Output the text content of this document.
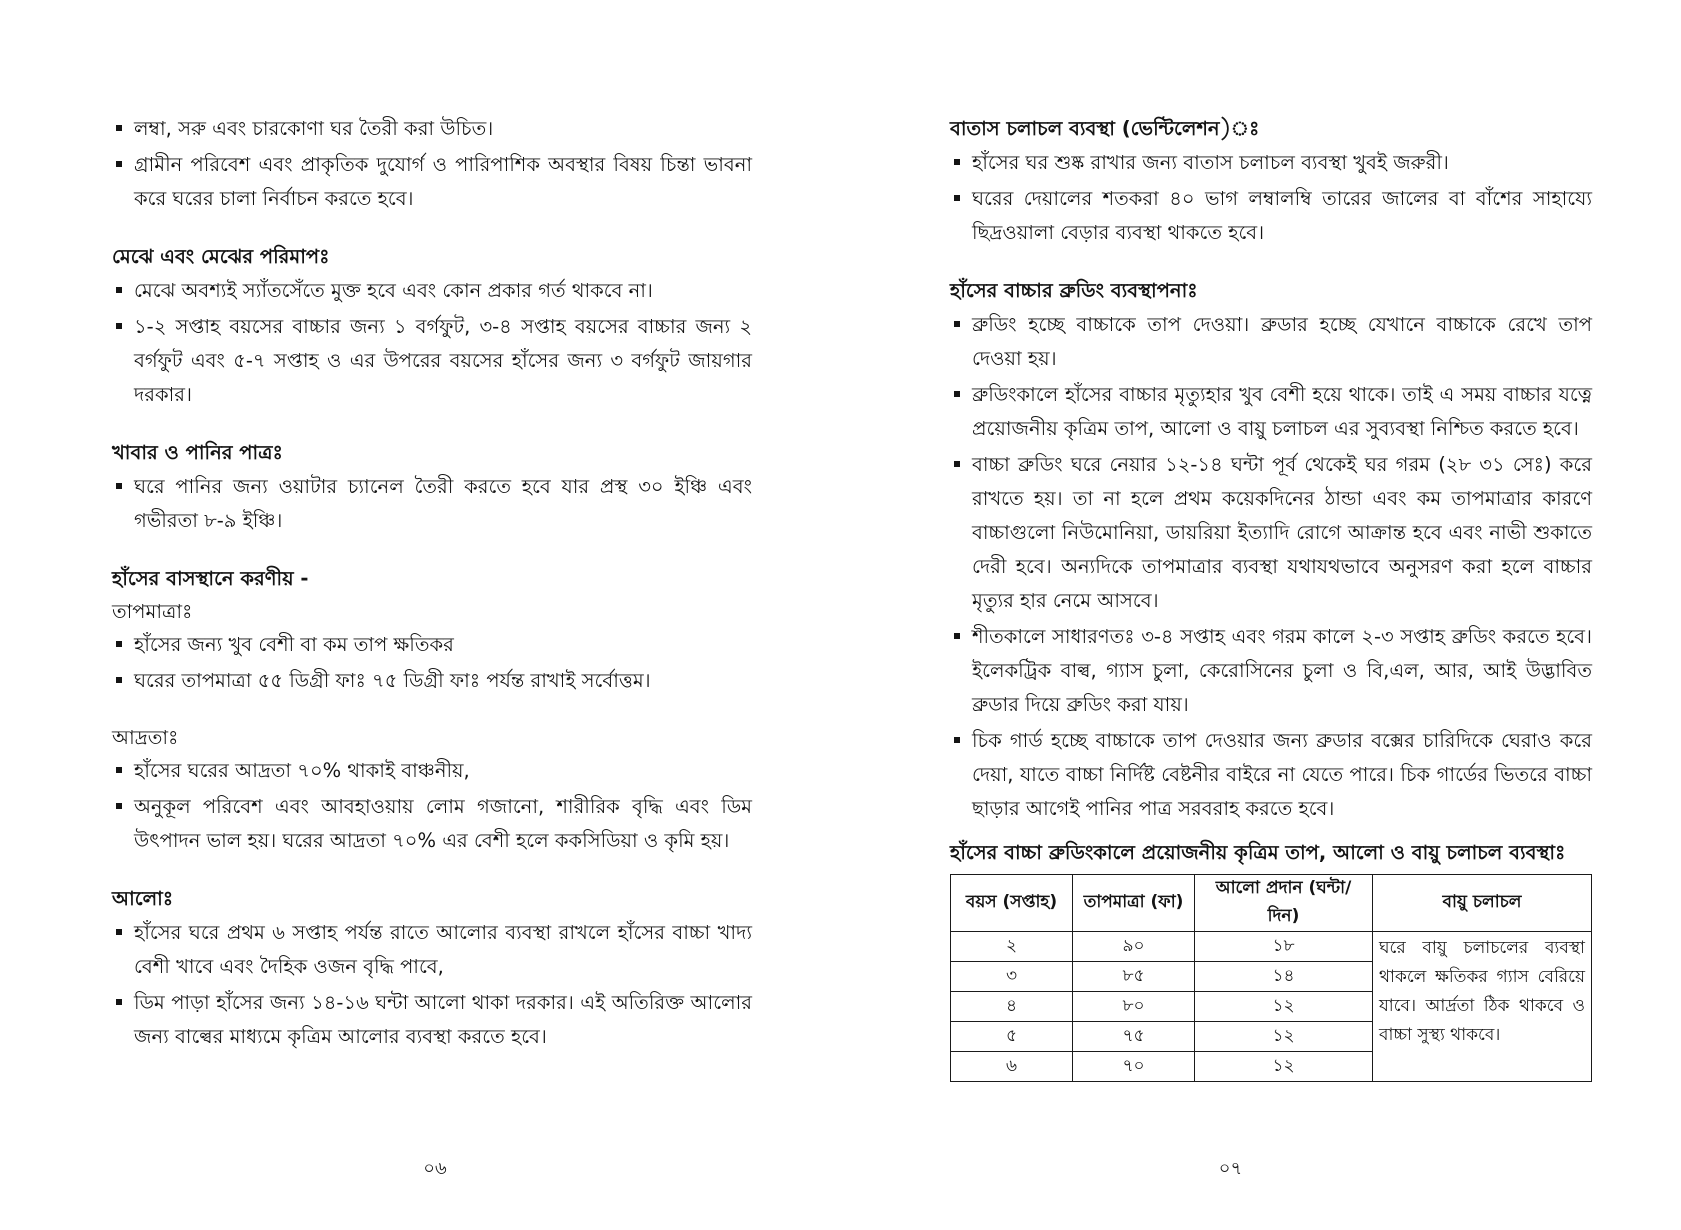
লম্বা, সরু এবং চারকোণা ঘর তৈরী করা উচিত।
গ্রামীন পরিবেশ এবং প্রাকৃতিক দুযোর্গ ও পারিপাশিক অবস্থার বিষয় চিন্তা ভাবনা করে ঘরের চালা নির্বাচন করতে হবে।
মেঝে এবং মেঝের পরিমাপঃ
মেঝে অবশ্যই স্যাঁতসেঁতে মুক্ত হবে এবং কোন প্রকার গর্ত থাকবে না।
১-২ সপ্তাহ বয়সের বাচ্চার জন্য ১ বর্গফুট, ৩-৪ সপ্তাহ বয়সের বাচ্চার জন্য ২ বর্গফুট এবং ৫-৭ সপ্তাহ ও এর উপরের বয়সের হাঁসের জন্য ৩ বর্গফুট জায়গার দরকার।
খাবার ও পানির পাত্রঃ
ঘরে পানির জন্য ওয়াটার চ্যানেল তৈরী করতে হবে যার প্রস্থ ৩০ ইঞ্চি এবং গভীরতা ৮-৯ ইঞ্চি।
হাঁসের বাসস্থানে করণীয় -
তাপমাত্রাঃ
হাঁসের জন্য খুব বেশী বা কম তাপ ক্ষতিকর
ঘরের তাপমাত্রা ৫৫ ডিগ্রী ফাঃ ৭৫ ডিগ্রী ফাঃ পর্যন্ত রাখাই সর্বোত্তম।
আদ্রতাঃ
হাঁসের ঘরের আদ্রতা ৭০% থাকাই বাঞ্চনীয়,
অনুকূল পরিবেশ এবং আবহাওয়ায় লোম গজানো, শারীরিক বৃদ্ধি এবং ডিম উৎপাদন ভাল হয়। ঘরের আদ্রতা ৭০% এর বেশী হলে ককসিডিয়া ও কৃমি হয়।
আলোঃ
হাঁসের ঘরে প্রথম ৬ সপ্তাহ পর্যন্ত রাতে আলোর ব্যবস্থা রাখলে হাঁসের বাচ্চা খাদ্য বেশী খাবে এবং দৈহিক ওজন বৃদ্ধি পাবে,
ডিম পাড়া হাঁসের জন্য ১৪-১৬ ঘন্টা আলো থাকা দরকার। এই অতিরিক্ত আলোর জন্য বাল্বের মাধ্যমে কৃত্রিম আলোর ব্যবস্থা করতে হবে।
০৬
বাতাস চলাচল ব্যবস্থা (ভেন্টিলেশন)ঃ
হাঁসের ঘর শুষ্ক রাখার জন্য বাতাস চলাচল ব্যবস্থা খুবই জরুরী।
ঘরের দেয়ালের শতকরা ৪০ ভাগ লম্বালম্বি তারের জালের বা বাঁশের সাহায্যে ছিদ্রওয়ালা বেড়ার ব্যবস্থা থাকতে হবে।
হাঁসের বাচ্চার ব্রুডিং ব্যবস্থাপনাঃ
ব্রুডিং হচ্ছে বাচ্চাকে তাপ দেওয়া। ব্রুডার হচ্ছে যেখানে বাচ্চাকে রেখে তাপ দেওয়া হয়।
ব্রুডিংকালে হাঁসের বাচ্চার মৃত্যুহার খুব বেশী হয়ে থাকে। তাই এ সময় বাচ্চার যত্নে প্রয়োজনীয় কৃত্রিম তাপ, আলো ও বায়ু চলাচল এর সুব্যবস্থা নিশ্চিত করতে হবে।
বাচ্চা ব্রুডিং ঘরে নেয়ার ১২-১৪ ঘন্টা পূর্ব থেকেই ঘর গরম (২৮ ৩১ সেঃ) করে রাখতে হয়। তা না হলে প্রথম কয়েকদিনের ঠান্ডা এবং কম তাপমাত্রার কারণে বাচ্চাগুলো নিউমোনিয়া, ডায়রিয়া ইত্যাদি রোগে আক্রান্ত হবে এবং নাভী শুকাতে দেরী হবে। অন্যদিকে তাপমাত্রার ব্যবস্থা যথাযথভাবে অনুসরণ করা হলে বাচ্চার মৃত্যুর হার নেমে আসবে।
শীতকালে সাধারণতঃ ৩-৪ সপ্তাহ এবং গরম কালে ২-৩ সপ্তাহ ব্রুডিং করতে হবে। ইলেকট্রিক বাল্ব, গ্যাস চুলা, কেরোসিনের চুলা ও বি,এল, আর, আই উদ্ভাবিত ব্রুডার দিয়ে ব্রুডিং করা যায়।
চিক গার্ড হচ্ছে বাচ্চাকে তাপ দেওয়ার জন্য ব্রুডার বক্সের চারিদিকে ঘেরাও করে দেয়া, যাতে বাচ্চা নির্দিষ্ট বেষ্টনীর বাইরে না যেতে পারে। চিক গার্ডের ভিতরে বাচ্চা ছাড়ার আগেই পানির পাত্র সরবরাহ করতে হবে।
হাঁসের বাচ্চা ব্রুডিংকালে প্রয়োজনীয় কৃত্রিম তাপ, আলো ও বায়ু চলাচল ব্যবস্থাঃ
বয়স (সপ্তাহ)	তাপমাত্রা (ফা)	আলো প্রদান (ঘন্টা/দিন)	বায়ু চলাচল
২	৯০	১৮	ঘরে বায়ু চলাচলের ব্যবস্থা থাকলে ক্ষতিকর গ্যাস বেরিয়ে যাবে। আর্দ্রতা ঠিক থাকবে ও বাচ্চা সুস্থ্য থাকবে।
৩	৮৫	১৪	
৪	৮০	১২	
৫	৭৫	১২	
৬	৭০	১২	
০৭
